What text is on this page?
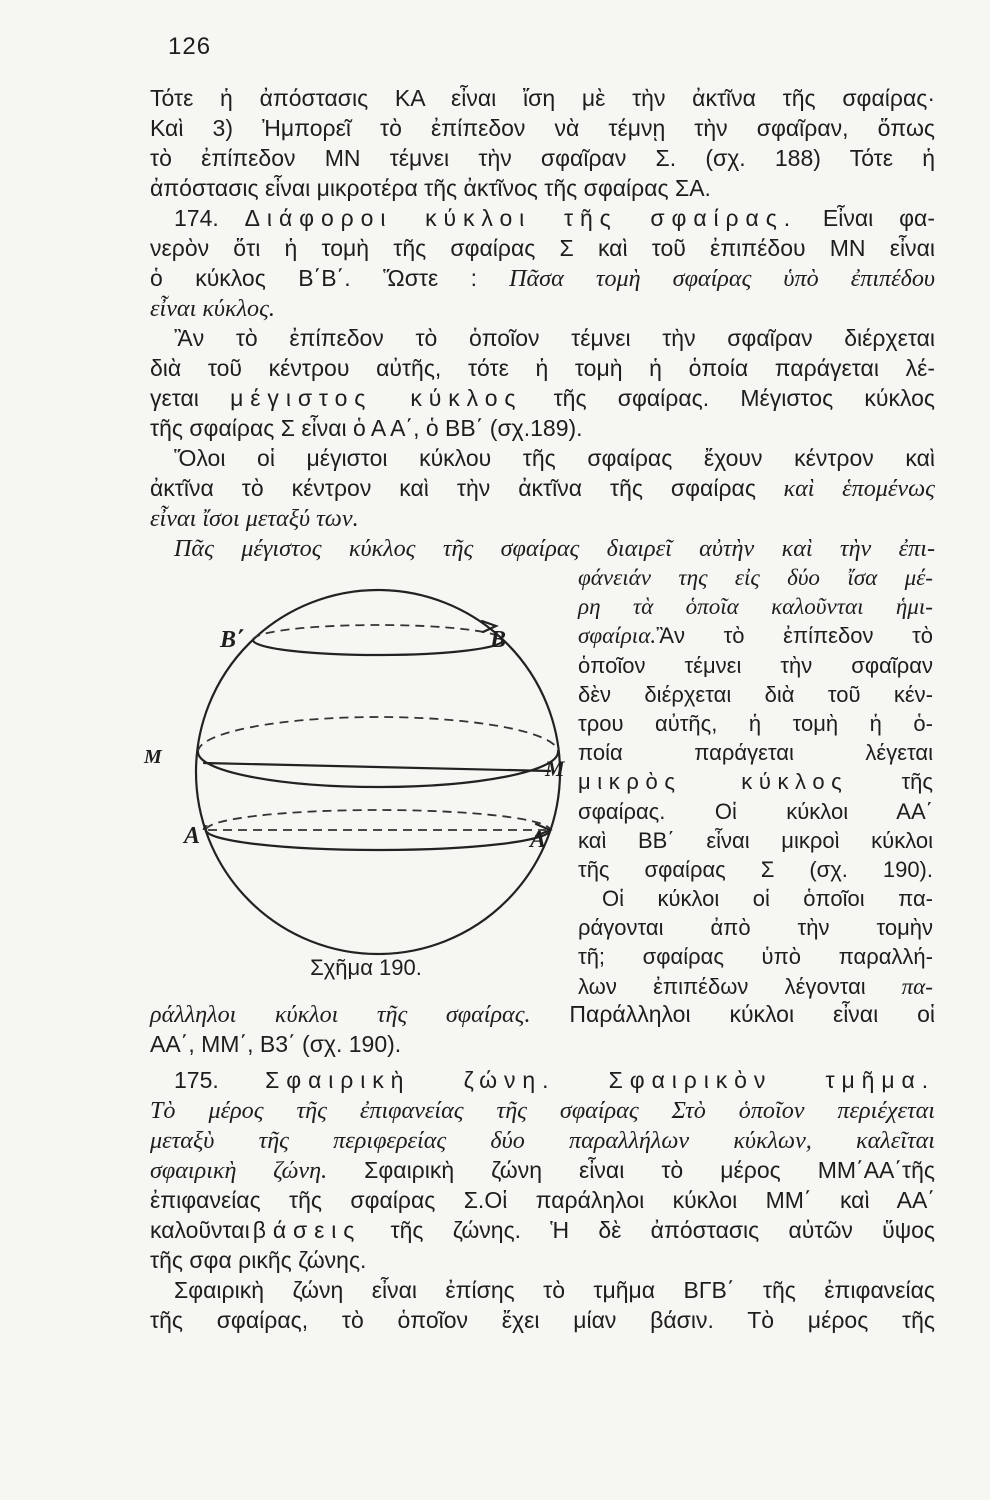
126
Τότε ἡ ἀπόστασις ΚΑ εἶναι ἴση μὲ τὴν ἀκτῖνα τῆς σφαίρας·
Καὶ 3) Ἠμπορεῖ τὸ ἐπίπεδον νὰ τέμνῃ τὴν σφαῖραν, ὅπως
τὸ ἐπίπεδον ΜΝ τέμνει τὴν σφαῖραν Σ. (σχ. 188) Τότε ἡ
ἀπόστασις εἶναι μικροτέρα τῆς ἀκτῖνος τῆς σφαίρας ΣΑ.
174. Διάφοροι κύκλοι τῆς σφαίρας. Εἶναι φα-
νερὸν ὅτι ἡ τομὴ τῆς σφαίρας Σ καὶ τοῦ ἐπιπέδου ΜΝ εἶναι
ὁ κύκλος Β΄Β΄. Ὥστε : Πᾶσα τομὴ σφαίρας ὑπὸ ἐπιπέδου
εἶναι κύκλος.
Ἂν τὸ ἐπίπεδον τὸ ὁποῖον τέμνει τὴν σφαῖραν διέρχεται
διὰ τοῦ κέντρου αὐτῆς, τότε ἡ τομὴ ἡ ὁποία παράγεται λέ-
γεται μέγιστος κύκλος τῆς σφαίρας. Μέγιστος κύκλος
τῆς σφαίρας Σ εἶναι ὁ Α Α΄, ὁ ΒΒ΄ (σχ.189).
Ὅλοι οἱ μέγιστοι κύκλου τῆς σφαίρας ἔχουν κέντρον καὶ
ἀκτῖνα τὸ κέντρον καὶ τὴν ἀκτῖνα τῆς σφαίρας καὶ ἑπομένως
εἶναι ἴσοι μεταξύ των.
Πᾶς μέγιστος κύκλος τῆς σφαίρας διαιρεῖ αὐτὴν καὶ τὴν ἐπι-
Β΄	Β
Μ	Μ
Α΄	Α
Σχῆμα 190.
φάνειάν της εἰς δύο ἴσα μέ-
ρη τὰ ὁποῖα καλοῦνται ἡμι-
σφαίρια.Ἂν τὸ ἐπίπεδον τὸ
ὁποῖον τέμνει τὴν σφαῖραν
δὲν διέρχεται διὰ τοῦ κέν-
τρου αὐτῆς, ἡ τομὴ ἡ ὁ-
ποία παράγεται λέγεται
μικρὸς κύκλος τῆς
σφαίρας. Οἱ κύκλοι ΑΑ΄
καὶ ΒΒ΄ εἶναι μικροὶ κύκλοι
τῆς σφαίρας Σ (σχ. 190).
Οἱ κύκλοι οἱ ὁποῖοι πα-
ράγονται ἀπὸ τὴν τομὴν
τῆ; σφαίρας ὑπὸ παραλλή-
λων ἐπιπέδων λέγονται πα-
ράλληλοι κύκλοι τῆς σφαίρας. Παράλληλοι κύκλοι εἶναι οἱ
ΑΑ΄, ΜΜ΄, Β3΄ (σχ. 190).
175. Σφαιρικὴ ζώνη. Σφαιρικὸν τμῆμα.
Τὸ μέρος τῆς ἐπιφανείας τῆς σφαίρας Στὸ ὁποῖον περιέχεται
μεταξὺ τῆς περιφερείας δύο παραλλήλων κύκλων, καλεῖται
σφαιρικὴ ζώνη. Σφαιρικὴ ζώνη εἶναι τὸ μέρος ΜΜ΄ΑΑ΄τῆς
ἐπιφανείας τῆς σφαίρας Σ.Οἱ παράληλοι κύκλοι ΜΜ΄ καὶ ΑΑ΄
καλοῦνται βάσεις τῆς ζώνης. Ἡ δὲ ἀπόστασις αὐτῶν ὕψος
τῆς σφα ρικῆς ζώνης.
Σφαιρικὴ ζώνη εἶναι ἐπίσης τὸ τμῆμα ΒΓΒ΄ τῆς ἐπιφανείας
τῆς σφαίρας, τὸ ὁποῖον ἔχει μίαν βάσιν. Τὸ μέρος τῆς
